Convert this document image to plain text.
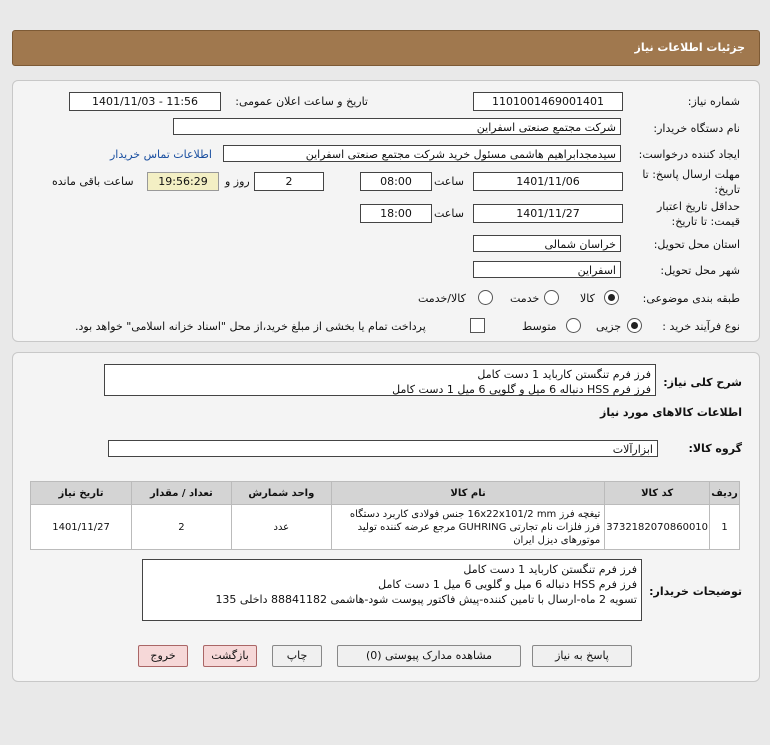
جزئیات اطلاعات نیاز
شماره نیاز:
1101001469001401
تاریخ و ساعت اعلان عمومی:
1401/11/03 - 11:56
نام دستگاه خریدار:
شرکت مجتمع صنعتی اسفراین
ایجاد کننده درخواست:
سیدمجدابراهیم هاشمی مسئول خرید شرکت مجتمع صنعتی اسفراین
اطلاعات تماس خریدار
مهلت ارسال پاسخ: تا
تاریخ:
1401/11/06
ساعت
08:00
2
روز و
19:56:29
ساعت باقی مانده
حداقل تاریخ اعتبار
قیمت: تا تاریخ:
1401/11/27
ساعت
18:00
استان محل تحویل:
خراسان شمالی
شهر محل تحویل:
اسفراین
طبقه بندی موضوعی:
کالا
خدمت
کالا/خدمت
نوع فرآیند خرید :
جزیی
متوسط
پرداخت تمام یا بخشی از مبلغ خرید،از محل "اسناد خزانه اسلامی" خواهد بود.
شرح کلی نیاز:
فرز فرم تنگستن کارباید 1 دست کامل
فرز فرم HSS دنباله 6 میل و گلویی 6 میل 1 دست کامل
اطلاعات کالاهای مورد نیاز
گروه کالا:
ابزارآلات
ردیف	کد کالا	نام کالا	واحد شمارش	تعداد / مقدار	تاریخ نیاز
1	3732182070860010	تیغچه فرز 16x22x101/2 mm جنس فولادی کاربرد دستگاه فرز فلزات نام تجارتی GUHRING مرجع عرضه کننده تولید موتورهای دیزل ایران	عدد	2	1401/11/27
توضیحات خریدار:
فرز فرم تنگستن کارباید 1 دست کامل
فرز فرم HSS دنباله 6 میل و گلویی 6 میل 1 دست کامل
تسویه 2 ماه-ارسال با تامین کننده-پیش فاکتور پیوست شود-هاشمی 88841182 داخلی 135
پاسخ به نیاز
مشاهده مدارک پیوستی (0)
چاپ
بازگشت
خروج
